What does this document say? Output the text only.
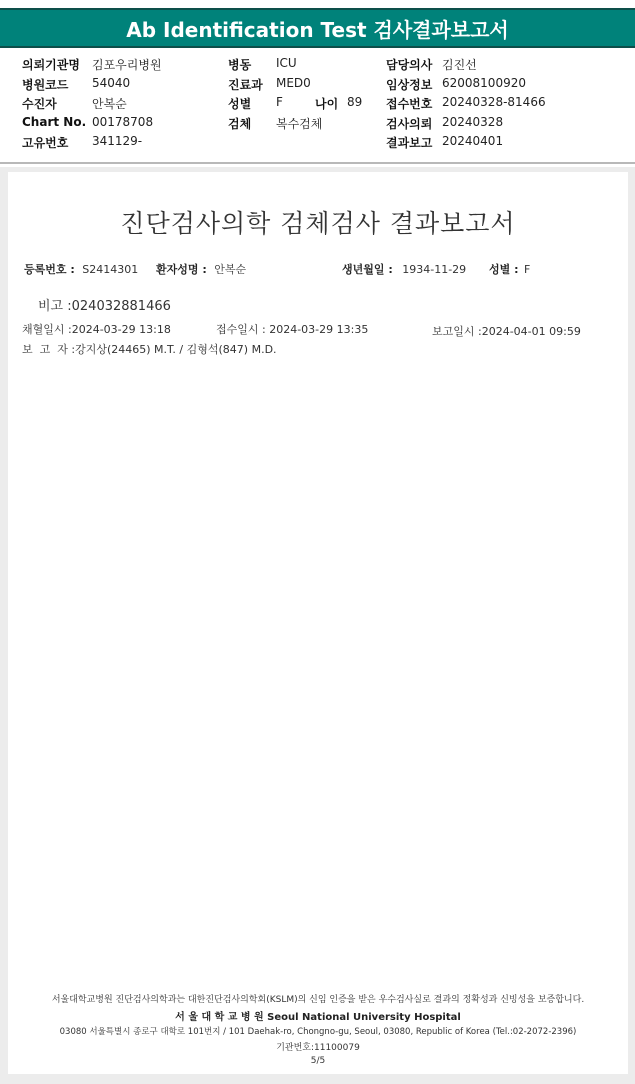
Ab Identification Test 검사결과보고서
의뢰기관명 김포우리병원
병원코드 54040
수진자	안복순
Chart No. 00178708
고유번호 341129-
병동 ICU
진료과 MED0
성별 F	나이 89
검체 복수검체
담당의사 김진선
임상정보 62008100920
접수번호 20240328-81466
검사의뢰 20240328
결과보고 20240401
진단검사의학 검체검사 결과보고서
등록번호 : S2414301 환자성명 : 안복순	생년월일 : 1934-11-29 성별 : F
비고 :024032881466
채혈일시 :2024-03-29 13:18	접수일시 : 2024-03-29 13:35	보고일시 :2024-04-01 09:59
보  고  자 :강지상(24465) M.T. / 김형석(847) M.D.
서울대학교병원 진단검사의학과는 대한진단검사의학회(KSLM)의 신임 인증을 받은 우수검사실로 결과의 정확성과 신빙성을 보증합니다.
서 울 대 학 교 병 원 Seoul National University Hospital
03080 서울특별시 종로구 대학로 101번지 / 101 Daehak-ro, Chongno-gu, Seoul, 03080, Republic of Korea (Tel.:02-2072-2396)
기관번호:11100079
5/5
